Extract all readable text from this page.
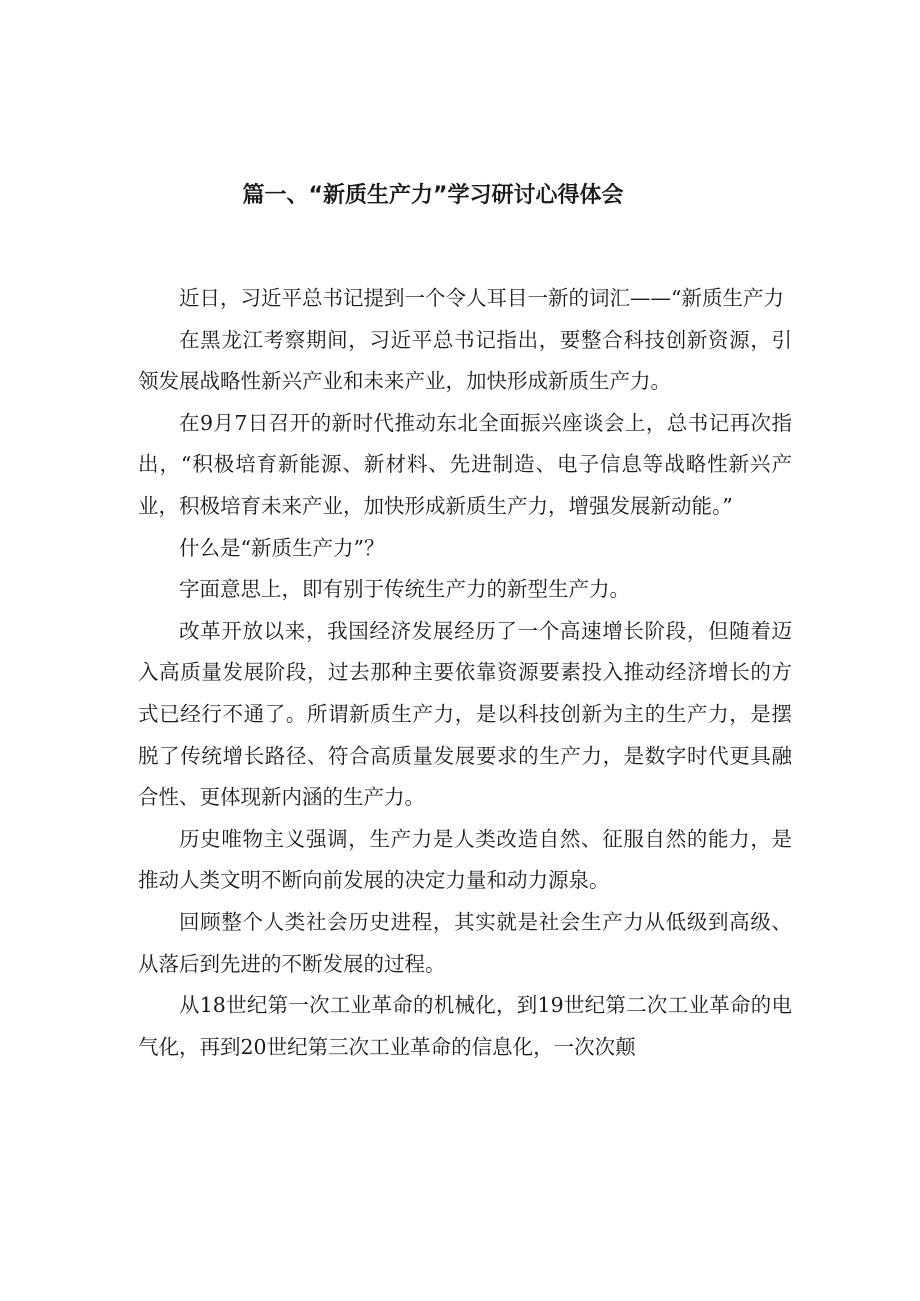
篇一、“新质生产力”学习研讨心得体会

近日，习近平总书记提到一个令人耳目一新的词汇——“新质生产力

在黑龙江考察期间，习近平总书记指出，要整合科技创新资源，引领发展战略性新兴产业和未来产业，加快形成新质生产力。

在9月7日召开的新时代推动东北全面振兴座谈会上，总书记再次指出，“积极培育新能源、新材料、先进制造、电子信息等战略性新兴产业，积极培育未来产业，加快形成新质生产力，增强发展新动能。”

什么是“新质生产力”？

字面意思上，即有别于传统生产力的新型生产力。

改革开放以来，我国经济发展经历了一个高速增长阶段，但随着迈入高质量发展阶段，过去那种主要依靠资源要素投入推动经济增长的方式已经行不通了。所谓新质生产力，是以科技创新为主的生产力，是摆脱了传统增长路径、符合高质量发展要求的生产力，是数字时代更具融合性、更体现新内涵的生产力。

历史唯物主义强调，生产力是人类改造自然、征服自然的能力，是推动人类文明不断向前发展的决定力量和动力源泉。

回顾整个人类社会历史进程，其实就是社会生产力从低级到高级、从落后到先进的不断发展的过程。

从18世纪第一次工业革命的机械化，到19世纪第二次工业革命的电气化，再到20世纪第三次工业革命的信息化，一次次颠
